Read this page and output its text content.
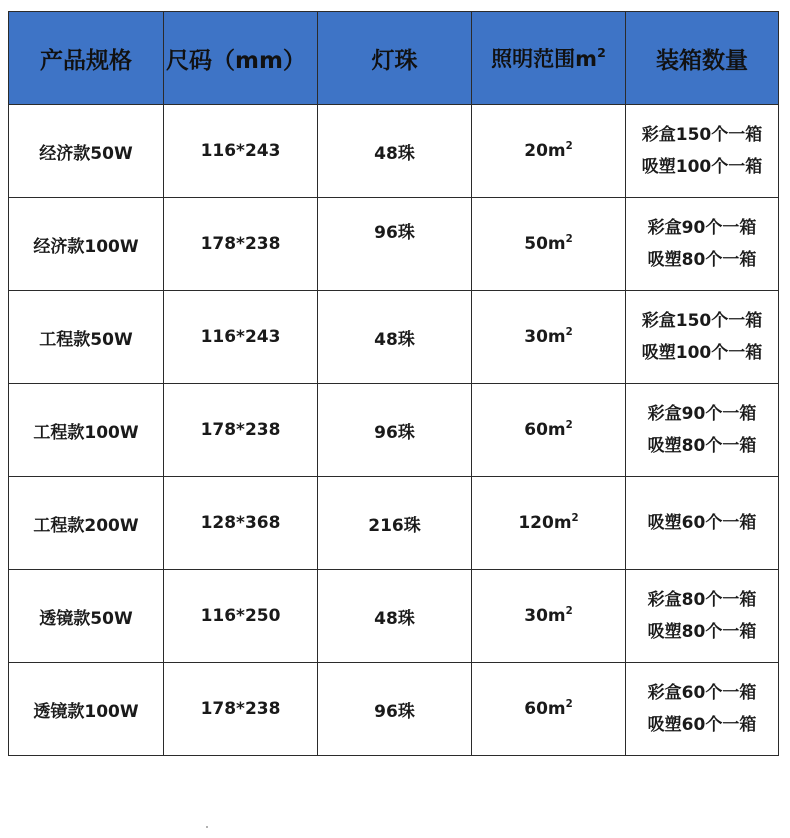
产品规格	尺码（mm）	灯珠	照明范围$m^2$	装箱数量
经济款50W	116*243	48珠	$20m^2$	彩盒150个一箱
吸塑100个一箱

经济款100W	178*238	96珠	$50m^2$	彩盒90个一箱
吸塑80个一箱

工程款50W	116*243	48珠	$30m^2$	彩盒150个一箱
吸塑100个一箱

工程款100W	178*238	96珠	$60m^2$	彩盒90个一箱
吸塑80个一箱

工程款200W	128*368	216珠	$120m^2$	吸塑60个一箱

透镜款50W	116*250	48珠	$30m^2$	彩盒80个一箱
吸塑80个一箱

透镜款100W	178*238	96珠	$60m^2$	彩盒60个一箱
吸塑60个一箱
